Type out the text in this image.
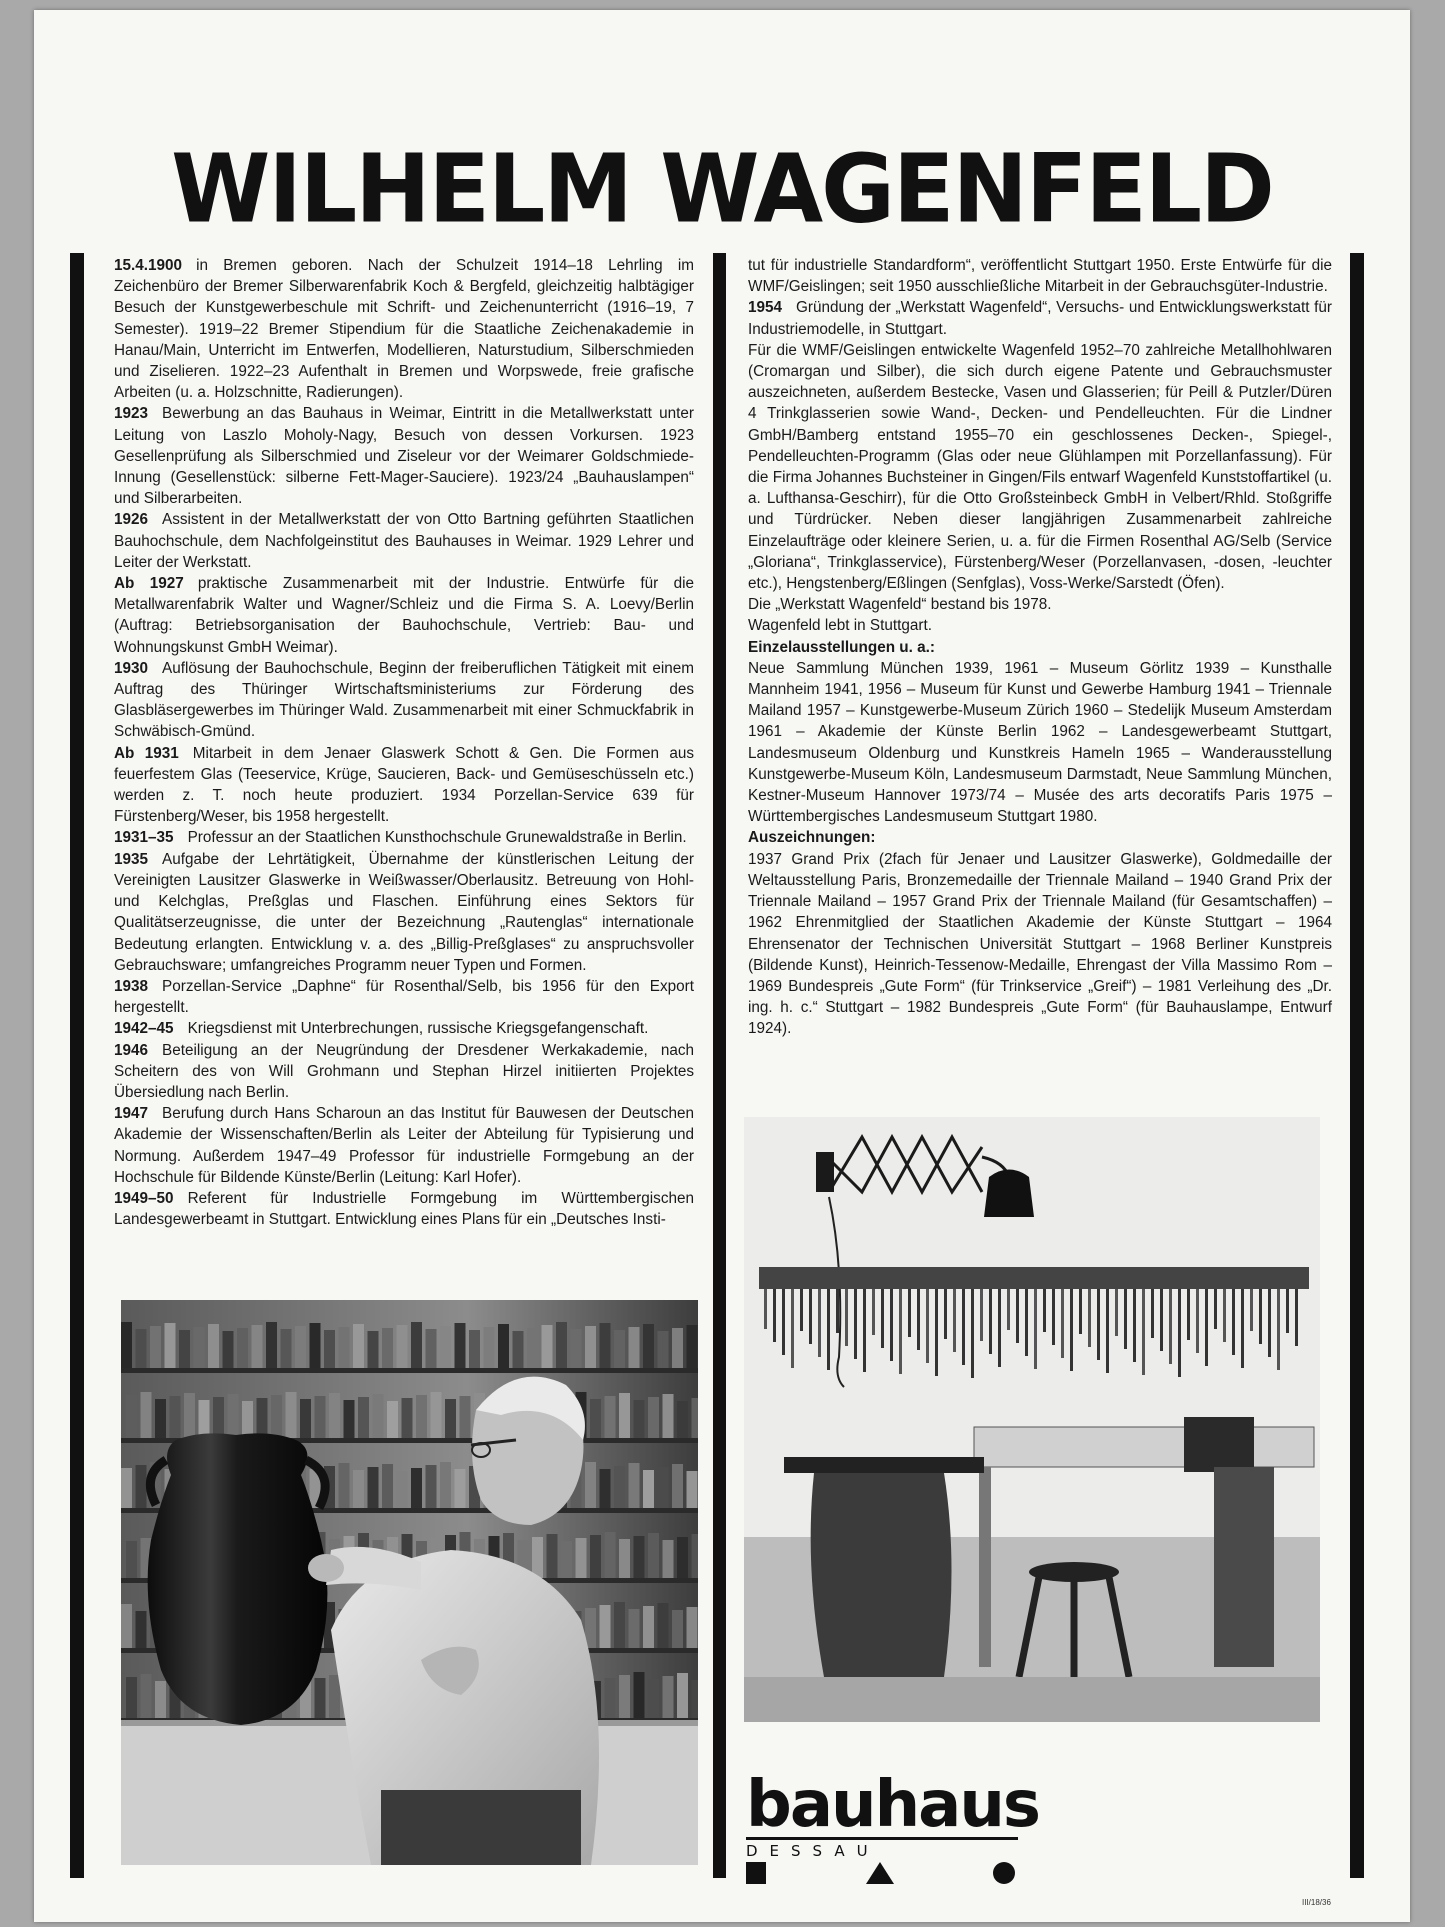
WILHELM WAGENFELD

15.4.1900 in Bremen geboren. Nach der Schulzeit 1914–18 Lehrling im Zeichenbüro der Bremer Silberwarenfabrik Koch & Bergfeld, gleichzeitig halbtägiger Besuch der Kunstgewerbeschule mit Schrift- und Zeichenunterricht (1916–19, 7 Semester). 1919–22 Bremer Stipendium für die Staatliche Zeichenakademie in Hanau/Main, Unterricht im Entwerfen, Modellieren, Naturstudium, Silberschmieden und Ziselieren. 1922–23 Aufenthalt in Bremen und Worpswede, freie grafische Arbeiten (u. a. Holzschnitte, Radierungen).

1923 Bewerbung an das Bauhaus in Weimar, Eintritt in die Metallwerkstatt unter Leitung von Laszlo Moholy-Nagy, Besuch von dessen Vorkursen. 1923 Gesellenprüfung als Silberschmied und Ziseleur vor der Weimarer Goldschmiede-Innung (Gesellenstück: silberne Fett-Mager-Sauciere). 1923/24 „Bauhauslampen“ und Silberarbeiten.

1926 Assistent in der Metallwerkstatt der von Otto Bartning geführten Staatlichen Bauhochschule, dem Nachfolgeinstitut des Bauhauses in Weimar. 1929 Lehrer und Leiter der Werkstatt.

Ab 1927 praktische Zusammenarbeit mit der Industrie. Entwürfe für die Metallwarenfabrik Walter und Wagner/Schleiz und die Firma S. A. Loevy/Berlin (Auftrag: Betriebsorganisation der Bauhochschule, Vertrieb: Bau- und Wohnungskunst GmbH Weimar).

1930 Auflösung der Bauhochschule, Beginn der freiberuflichen Tätigkeit mit einem Auftrag des Thüringer Wirtschaftsministeriums zur Förderung des Glasbläsergewerbes im Thüringer Wald. Zusammenarbeit mit einer Schmuckfabrik in Schwäbisch-Gmünd.

Ab 1931 Mitarbeit in dem Jenaer Glaswerk Schott & Gen. Die Formen aus feuerfestem Glas (Teeservice, Krüge, Saucieren, Back- und Gemüseschüsseln etc.) werden z. T. noch heute produziert. 1934 Porzellan-Service 639 für Fürstenberg/Weser, bis 1958 hergestellt.

1931–35 Professur an der Staatlichen Kunsthochschule Grunewaldstraße in Berlin.

1935 Aufgabe der Lehrtätigkeit, Übernahme der künstlerischen Leitung der Vereinigten Lausitzer Glaswerke in Weißwasser/Oberlausitz. Betreuung von Hohl- und Kelchglas, Preßglas und Flaschen. Einführung eines Sektors für Qualitätserzeugnisse, die unter der Bezeichnung „Rautenglas“ internationale Bedeutung erlangten. Entwicklung v. a. des „Billig-Preßglases“ zu anspruchsvoller Gebrauchsware; umfangreiches Programm neuer Typen und Formen.

1938 Porzellan-Service „Daphne“ für Rosenthal/Selb, bis 1956 für den Export hergestellt.

1942–45 Kriegsdienst mit Unterbrechungen, russische Kriegsgefangenschaft.

1946 Beteiligung an der Neugründung der Dresdener Werkakademie, nach Scheitern des von Will Grohmann und Stephan Hirzel initiierten Projektes Übersiedlung nach Berlin.

1947 Berufung durch Hans Scharoun an das Institut für Bauwesen der Deutschen Akademie der Wissenschaften/Berlin als Leiter der Abteilung für Typisierung und Normung. Außerdem 1947–49 Professor für industrielle Formgebung an der Hochschule für Bildende Künste/Berlin (Leitung: Karl Hofer).

1949–50 Referent für Industrielle Formgebung im Württembergischen Landesgewerbeamt in Stuttgart. Entwicklung eines Plans für ein „Deutsches Insti-

tut für industrielle Standardform“, veröffentlicht Stuttgart 1950. Erste Entwürfe für die WMF/Geislingen; seit 1950 ausschließliche Mitarbeit in der Gebrauchsgüter-Industrie.

1954 Gründung der „Werkstatt Wagenfeld“, Versuchs- und Entwicklungswerkstatt für Industriemodelle, in Stuttgart.

Für die WMF/Geislingen entwickelte Wagenfeld 1952–70 zahlreiche Metallhohlwaren (Cromargan und Silber), die sich durch eigene Patente und Gebrauchsmuster auszeichneten, außerdem Bestecke, Vasen und Glasserien; für Peill & Putzler/Düren 4 Trinkglasserien sowie Wand-, Decken- und Pendelleuchten. Für die Lindner GmbH/Bamberg entstand 1955–70 ein geschlossenes Decken-, Spiegel-, Pendelleuchten-Programm (Glas oder neue Glühlampen mit Porzellanfassung). Für die Firma Johannes Buchsteiner in Gingen/Fils entwarf Wagenfeld Kunststoffartikel (u. a. Lufthansa-Geschirr), für die Otto Großsteinbeck GmbH in Velbert/Rhld. Stoßgriffe und Türdrücker. Neben dieser langjährigen Zusammenarbeit zahlreiche Einzelaufträge oder kleinere Serien, u. a. für die Firmen Rosenthal AG/Selb (Service „Gloriana“, Trinkglasservice), Fürstenberg/Weser (Porzellanvasen, -dosen, -leuchter etc.), Hengstenberg/Eßlingen (Senfglas), Voss-Werke/Sarstedt (Öfen).

Die „Werkstatt Wagenfeld“ bestand bis 1978.

Wagenfeld lebt in Stuttgart.

Einzelausstellungen u. a.:

Neue Sammlung München 1939, 1961 – Museum Görlitz 1939 – Kunsthalle Mannheim 1941, 1956 – Museum für Kunst und Gewerbe Hamburg 1941 – Triennale Mailand 1957 – Kunstgewerbe-Museum Zürich 1960 – Stedelijk Museum Amsterdam 1961 – Akademie der Künste Berlin 1962 – Landesgewerbeamt Stuttgart, Landesmuseum Oldenburg und Kunstkreis Hameln 1965 – Wanderausstellung Kunstgewerbe-Museum Köln, Landesmuseum Darmstadt, Neue Sammlung München, Kestner-Museum Hannover 1973/74 – Musée des arts decoratifs Paris 1975 – Württembergisches Landesmuseum Stuttgart 1980.

Auszeichnungen:

1937 Grand Prix (2fach für Jenaer und Lausitzer Glaswerke), Goldmedaille der Weltausstellung Paris, Bronzemedaille der Triennale Mailand – 1940 Grand Prix der Triennale Mailand – 1957 Grand Prix der Triennale Mailand (für Gesamtschaffen) – 1962 Ehrenmitglied der Staatlichen Akademie der Künste Stuttgart – 1964 Ehrensenator der Technischen Universität Stuttgart – 1968 Berliner Kunstpreis (Bildende Kunst), Heinrich-Tessenow-Medaille, Ehrengast der Villa Massimo Rom – 1969 Bundespreis „Gute Form“ (für Trinkservice „Greif“) – 1981 Verleihung des „Dr. ing. h. c.“ Stuttgart – 1982 Bundespreis „Gute Form“ (für Bauhauslampe, Entwurf 1924).

bauhaus
DESSAU
III/18/36
